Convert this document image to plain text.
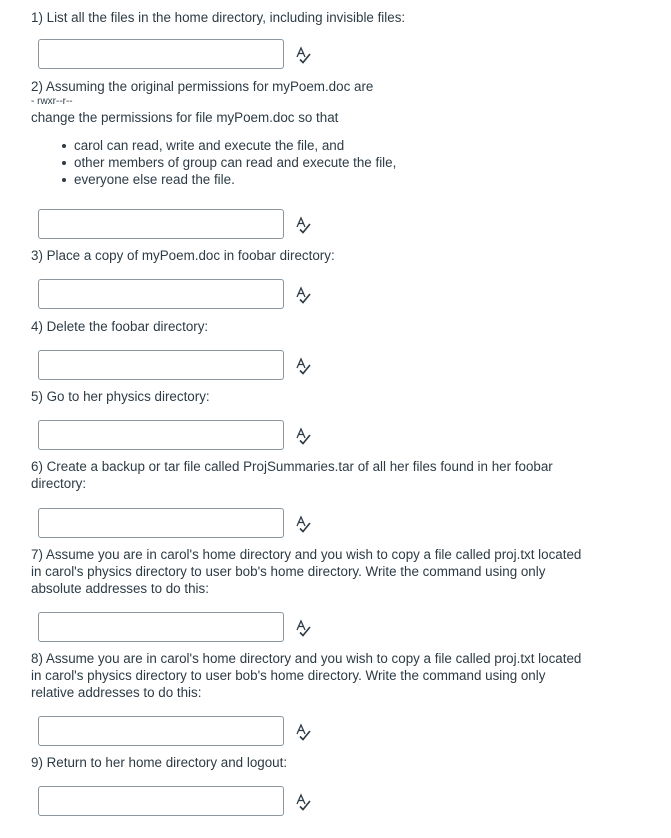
1) List all the files in the home directory, including invisible files:

2) Assuming the original permissions for myPoem.doc are

- rwxr--r--

change the permissions for file myPoem.doc so that

carol can read, write and execute the file, and
other members of group can read and execute the file,
everyone else read the file.

3) Place a copy of myPoem.doc in foobar directory:

4) Delete the foobar directory:

5) Go to her physics directory:

6) Create a backup or tar file called ProjSummaries.tar of all her files found in her foobar directory:

7) Assume you are in carol's home directory and you wish to copy a file called proj.txt located in carol's physics directory to user bob's home directory. Write the command using only absolute addresses to do this:

8) Assume you are in carol's home directory and you wish to copy a file called proj.txt located in carol's physics directory to user bob's home directory. Write the command using only relative addresses to do this:

9) Return to her home directory and logout:
